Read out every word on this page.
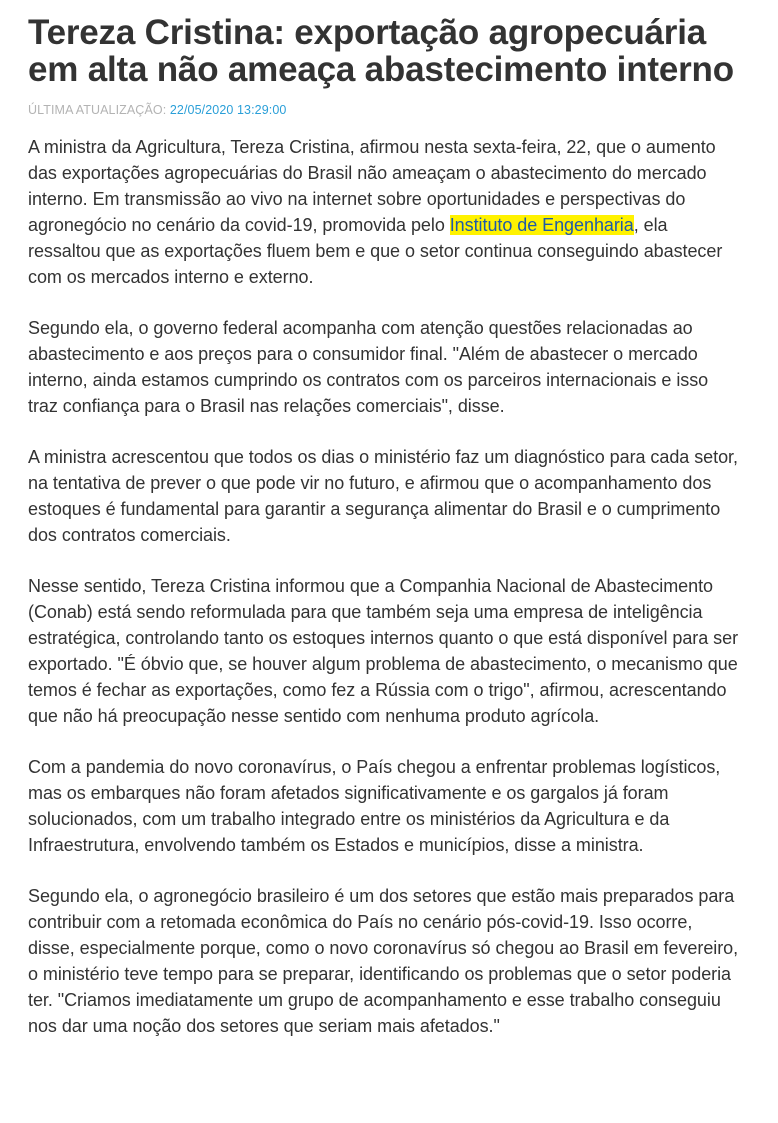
Tereza Cristina: exportação agropecuária em alta não ameaça abastecimento interno
ÚLTIMA ATUALIZAÇÃO: 22/05/2020 13:29:00

A ministra da Agricultura, Tereza Cristina, afirmou nesta sexta-feira, 22, que o aumento das exportações agropecuárias do Brasil não ameaçam o abastecimento do mercado interno. Em transmissão ao vivo na internet sobre oportunidades e perspectivas do agronegócio no cenário da covid-19, promovida pelo Instituto de Engenharia, ela ressaltou que as exportações fluem bem e que o setor continua conseguindo abastecer com os mercados interno e externo.

Segundo ela, o governo federal acompanha com atenção questões relacionadas ao abastecimento e aos preços para o consumidor final. "Além de abastecer o mercado interno, ainda estamos cumprindo os contratos com os parceiros internacionais e isso traz confiança para o Brasil nas relações comerciais", disse.

A ministra acrescentou que todos os dias o ministério faz um diagnóstico para cada setor, na tentativa de prever o que pode vir no futuro, e afirmou que o acompanhamento dos estoques é fundamental para garantir a segurança alimentar do Brasil e o cumprimento dos contratos comerciais.

Nesse sentido, Tereza Cristina informou que a Companhia Nacional de Abastecimento (Conab) está sendo reformulada para que também seja uma empresa de inteligência estratégica, controlando tanto os estoques internos quanto o que está disponível para ser exportado. "É óbvio que, se houver algum problema de abastecimento, o mecanismo que temos é fechar as exportações, como fez a Rússia com o trigo", afirmou, acrescentando que não há preocupação nesse sentido com nenhuma produto agrícola.

Com a pandemia do novo coronavírus, o País chegou a enfrentar problemas logísticos, mas os embarques não foram afetados significativamente e os gargalos já foram solucionados, com um trabalho integrado entre os ministérios da Agricultura e da Infraestrutura, envolvendo também os Estados e municípios, disse a ministra.

Segundo ela, o agronegócio brasileiro é um dos setores que estão mais preparados para contribuir com a retomada econômica do País no cenário pós-covid-19. Isso ocorre, disse, especialmente porque, como o novo coronavírus só chegou ao Brasil em fevereiro, o ministério teve tempo para se preparar, identificando os problemas que o setor poderia ter. "Criamos imediatamente um grupo de acompanhamento e esse trabalho conseguiu nos dar uma noção dos setores que seriam mais afetados."
